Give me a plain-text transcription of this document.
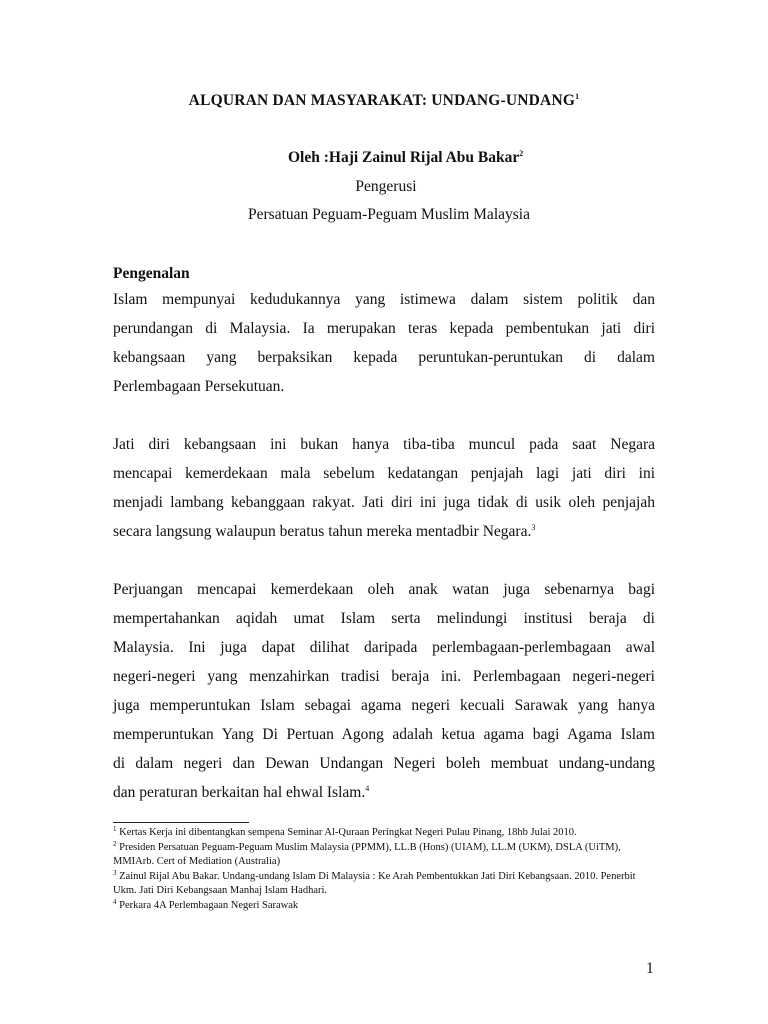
ALQURAN DAN MASYARAKAT: UNDANG-UNDANG$^1$
Oleh :Haji Zainul Rijal Abu Bakar$^2$
Pengerusi
Persatuan Peguam-Peguam Muslim Malaysia
Pengenalan
Islam mempunyai kedudukannya yang istimewa dalam sistem politik dan
perundangan di Malaysia. Ia merupakan teras kepada pembentukan jati diri
kebangsaan yang berpaksikan kepada peruntukan-peruntukan di dalam
Perlembagaan Persekutuan.
Jati diri kebangsaan ini bukan hanya tiba-tiba muncul pada saat Negara
mencapai kemerdekaan mala sebelum kedatangan penjajah lagi jati diri ini
menjadi lambang kebanggaan rakyat. Jati diri ini juga tidak di usik oleh penjajah
secara langsung walaupun beratus tahun mereka mentadbir Negara.$^3$
Perjuangan mencapai kemerdekaan oleh anak watan juga sebenarnya bagi
mempertahankan aqidah umat Islam serta melindungi institusi beraja di
Malaysia. Ini juga dapat dilihat daripada perlembagaan-perlembagaan awal
negeri-negeri yang menzahirkan tradisi beraja ini. Perlembagaan negeri-negeri
juga memperuntukan Islam sebagai agama negeri kecuali Sarawak yang hanya
memperuntukan Yang Di Pertuan Agong adalah ketua agama bagi Agama Islam
di dalam negeri dan Dewan Undangan Negeri boleh membuat undang-undang
dan peraturan berkaitan hal ehwal Islam.$^4$
$^1$ Kertas Kerja ini dibentangkan sempena Seminar Al-Quraan Peringkat Negeri Pulau Pinang, 18hb Julai 2010.
$^2$ Presiden Persatuan Peguam-Peguam Muslim Malaysia (PPMM), LL.B (Hons) (UIAM), LL.M (UKM), DSLA (UiTM), MMIArb. Cert of Mediation (Australia)
$^3$ Zainul Rijal Abu Bakar. Undang-undang Islam Di Malaysia : Ke Arah Pembentukkan Jati Diri Kebangsaan. 2010. Penerbit Ukm. Jati Diri Kebangsaan Manhaj Islam Hadhari.
$^4$ Perkara 4A Perlembagaan Negeri Sarawak
1
